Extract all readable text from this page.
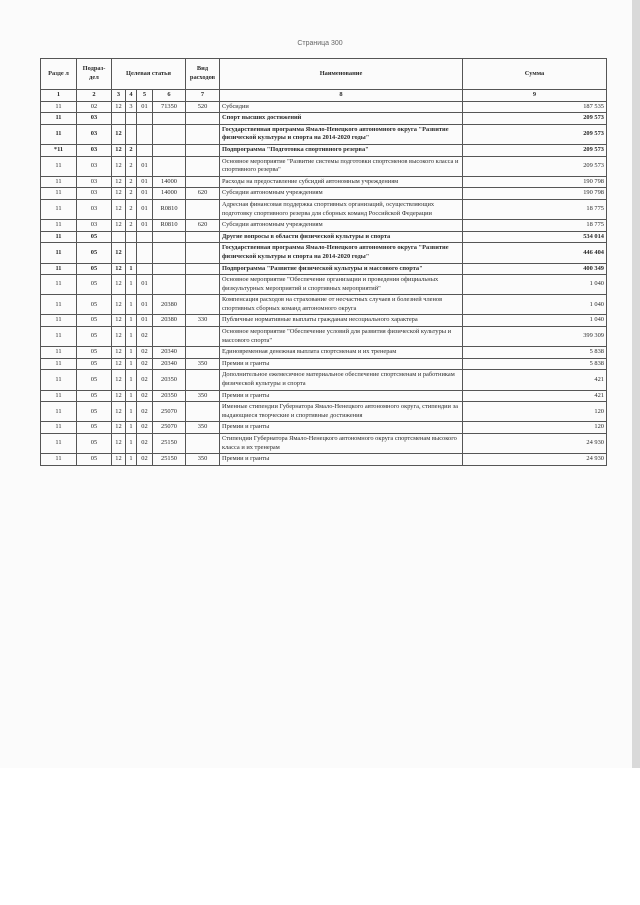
Страница 300
Разде л	Подраз- дел	Целевая статья				Вид расходов	Наименование	Сумма
1	2	3	4	5	6	7	8	9
11	02	12	3	01	71350	520	Субсидии	187 535
11	03						Спорт высших достижений	209 573
11	03	12					Государственная программа Ямало-Ненецкого автономного округа "Развитие физической культуры и спорта на 2014-2020 годы"	209 573
*11	03	12	2				Подпрограмма "Подготовка спортивного резерва"	209 573
11	03	12	2	01			Основное мероприятие "Развитие системы подготовки спортсменов высокого класса и спортивного резерва"	209 573
11	03	12	2	01	14000		Расходы на предоставление субсидий автономным учреждениям	190 798
11	03	12	2	01	14000	620	Субсидии автономным учреждениям	190 798
11	03	12	2	01	R0810		Адресная финансовая поддержка спортивных организаций, осуществляющих подготовку спортивного резерва для сборных команд Российской Федерации	18 775
11	03	12	2	01	R0810	620	Субсидии автономным учреждениям	18 775
11	05						Другие вопросы в области физической культуры и спорта	534 014
11	05	12					Государственная программа Ямало-Ненецкого автономного округа "Развитие физической культуры и спорта на 2014-2020 годы"	446 404
11	05	12	1				Подпрограмма "Развитие физической культуры и массового спорта"	400 349
11	05	12	1	01			Основное мероприятие "Обеспечение организации и проведения официальных физкультурных мероприятий и спортивных мероприятий"	1 040
11	05	12	1	01	20380		Компенсация расходов на страхование от несчастных случаев и болезней членов спортивных сборных команд автономного округа	1 040
11	05	12	1	01	20380	330	Публичные нормативные выплаты гражданам несоциального характера	1 040
11	05	12	1	02			Основное мероприятие "Обеспечение условий для развития физической культуры и массового спорта"	399 309
11	05	12	1	02	20340		Единовременная денежная выплата спортсменам и их тренерам	5 838
11	05	12	1	02	20340	350	Премии и гранты	5 838
11	05	12	1	02	20350		Дополнительное ежемесячное материальное обеспечение спортсменам и работникам физической культуры и спорта	421
11	05	12	1	02	20350	350	Премии и гранты	421
11	05	12	1	02	25070		Именные стипендии Губернатора Ямало-Ненецкого автономного округа, стипендии за выдающиеся творческие и спортивные достижения	120
11	05	12	1	02	25070	350	Премии и гранты	120
11	05	12	1	02	25150		Стипендии Губернатора Ямало-Ненецкого автономного округа спортсменам высокого класса и их тренерам	24 930
11	05	12	1	02	25150	350	Премии и гранты	24 930
